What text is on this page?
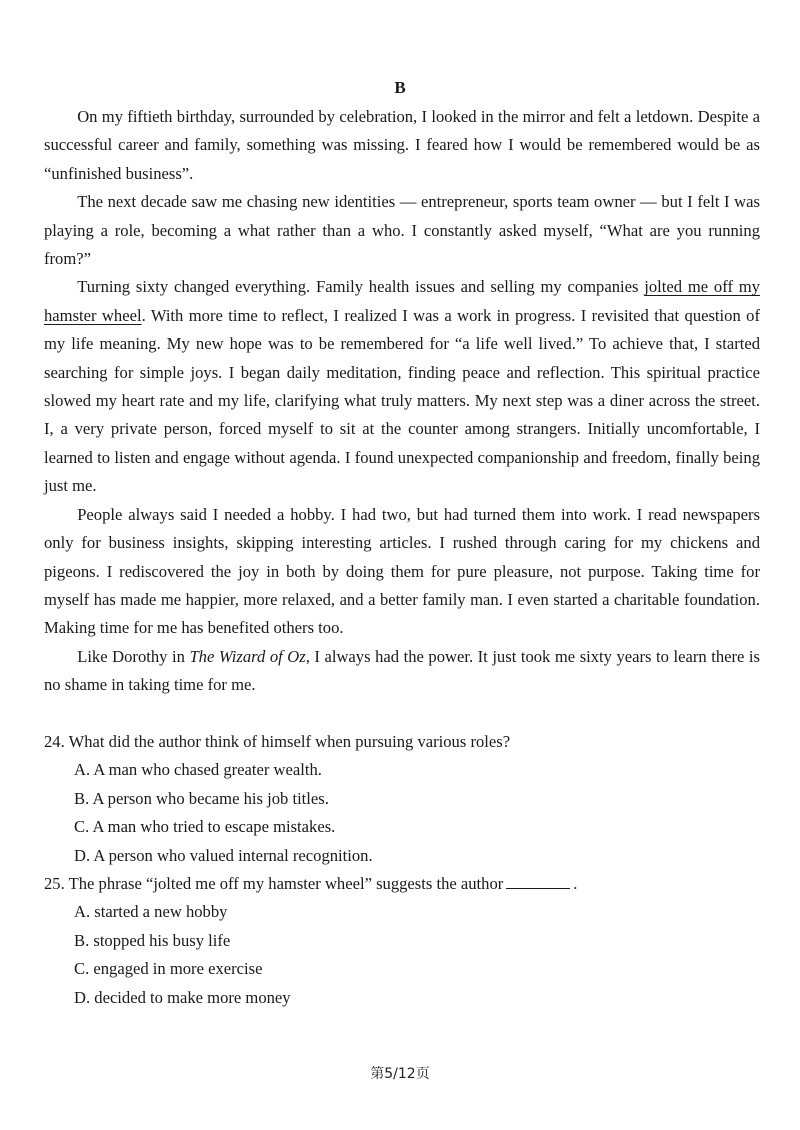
B

On my fiftieth birthday, surrounded by celebration, I looked in the mirror and felt a letdown. Despite a successful career and family, something was missing. I feared how I would be remembered would be as “unfinished business”.

The next decade saw me chasing new identities — entrepreneur, sports team owner — but I felt I was playing a role, becoming a what rather than a who. I constantly asked myself, “What are you running from?”

Turning sixty changed everything. Family health issues and selling my companies jolted me off my hamster wheel. With more time to reflect, I realized I was a work in progress. I revisited that question of my life meaning. My new hope was to be remembered for “a life well lived.” To achieve that, I started searching for simple joys. I began daily meditation, finding peace and reflection. This spiritual practice slowed my heart rate and my life, clarifying what truly matters. My next step was a diner across the street. I, a very private person, forced myself to sit at the counter among strangers. Initially uncomfortable, I learned to listen and engage without agenda. I found unexpected companionship and freedom, finally being just me.

People always said I needed a hobby. I had two, but had turned them into work. I read newspapers only for business insights, skipping interesting articles. I rushed through caring for my chickens and pigeons. I rediscovered the joy in both by doing them for pure pleasure, not purpose. Taking time for myself has made me happier, more relaxed, and a better family man. I even started a charitable foundation. Making time for me has benefited others too.

Like Dorothy in The Wizard of Oz, I always had the power. It just took me sixty years to learn there is no shame in taking time for me.

24. What did the author think of himself when pursuing various roles?

A. A man who chased greater wealth.

B. A person who became his job titles.

C. A man who tried to escape mistakes.

D. A person who valued internal recognition.

25. The phrase “jolted me off my hamster wheel” suggests the author	.

A. started a new hobby

B. stopped his busy life

C. engaged in more exercise

D. decided to make more money

第5/12页
